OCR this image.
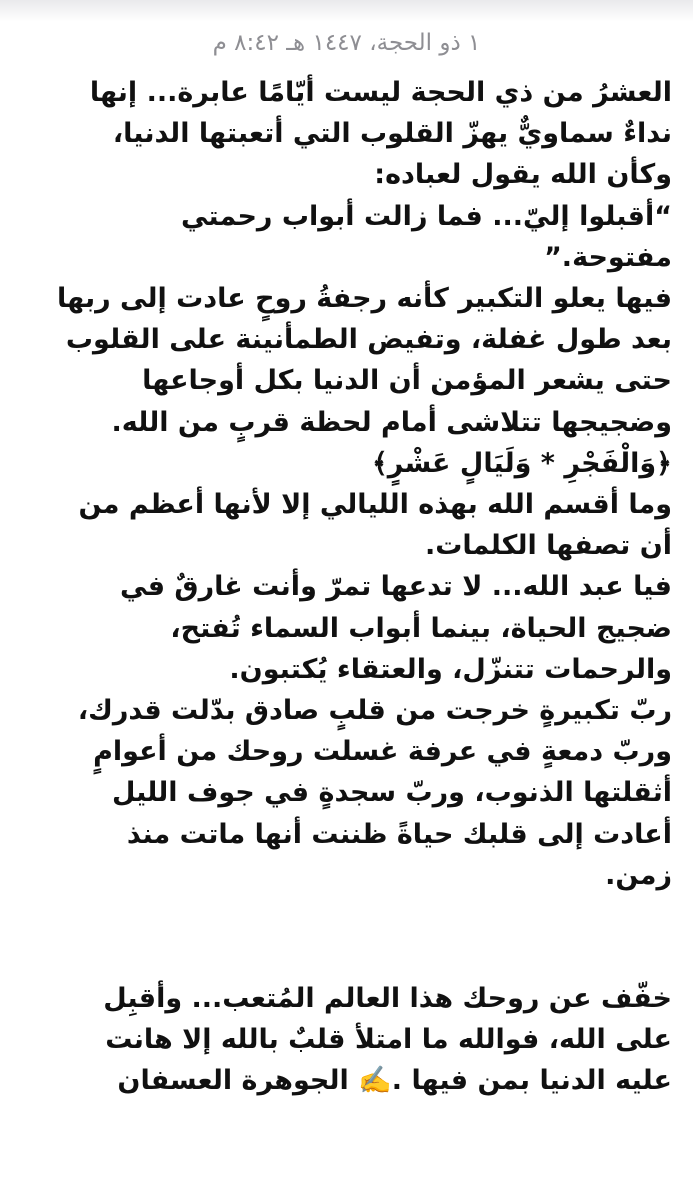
١ ذو الحجة، ١٤٤٧ هـ ٨:٤٢ م

العشرُ من ذي الحجة ليست أيّامًا عابرة... إنها نداءٌ سماويٌّ يهزّ القلوب التي أتعبتها الدنيا، وكأن الله يقول لعباده:

“أقبلوا إليّ... فما زالت أبواب رحمتي مفتوحة.”

فيها يعلو التكبير كأنه رجفةُ روحٍ عادت إلى ربها بعد طول غفلة، وتفيض الطمأنينة على القلوب حتى يشعر المؤمن أن الدنيا بكل أوجاعها وضجيجها تتلاشى أمام لحظة قربٍ من الله.

﴿وَالْفَجْرِ * وَلَيَالٍ عَشْرٍ﴾

وما أقسم الله بهذه الليالي إلا لأنها أعظم من أن تصفها الكلمات.

فيا عبد الله... لا تدعها تمرّ وأنت غارقٌ في ضجيج الحياة، بينما أبواب السماء تُفتح، والرحمات تتنزّل، والعتقاء يُكتبون.

ربّ تكبيرةٍ خرجت من قلبٍ صادق بدّلت قدرك، وربّ دمعةٍ في عرفة غسلت روحك من أعوامٍ أثقلتها الذنوب، وربّ سجدةٍ في جوف الليل أعادت إلى قلبك حياةً ظننت أنها ماتت منذ زمن.

خفّف عن روحك هذا العالم المُتعب... وأقبِل على الله، فوالله ما امتلأ قلبٌ بالله إلا هانت عليه الدنيا بمن فيها .✍️ الجوهرة العسفان
